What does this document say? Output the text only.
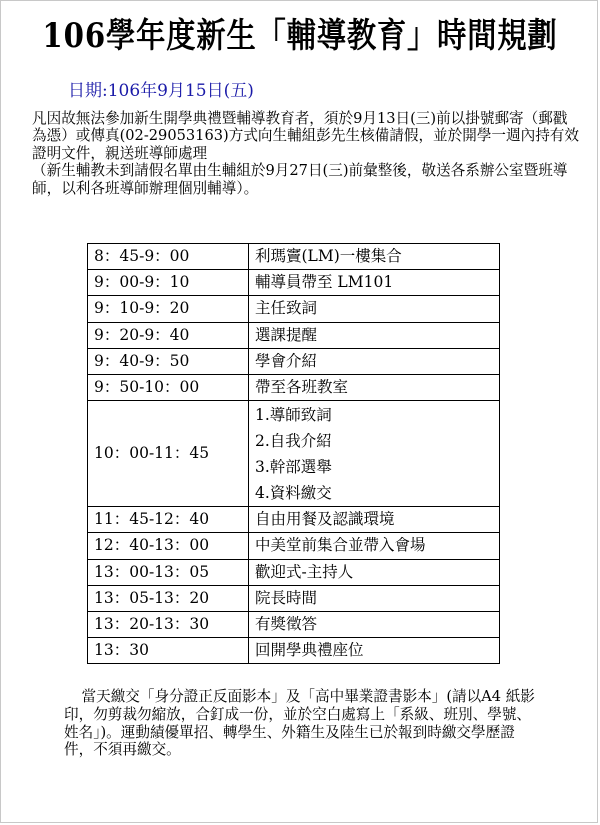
106學年度新生「輔導教育」時間規劃
日期:106年9月15日(五)

凡因故無法參加新生開學典禮暨輔導教育者，須於9月13日(三)前以掛號郵寄（郵戳為憑）或傳真(02-29053163)方式向生輔組彭先生核備請假，並於開學一週內持有效證明文件，親送班導師處理

（新生輔教未到請假名單由生輔組於9月27日(三)前彙整後，敬送各系辦公室暨班導師，以利各班導師辦理個別輔導）。

8：45-9：00	利瑪竇(LM)一樓集合
9：00-9：10	輔導員帶至 LM101
9：10-9：20	主任致詞
9：20-9：40	選課提醒
9：40-9：50	學會介紹
9：50-10：00	帶至各班教室
10：00-11：45	1.導師致詞
2.自我介紹
3.幹部選舉
4.資料繳交

11：45-12：40	自由用餐及認識環境
12：40-13：00	中美堂前集合並帶入會場
13：00-13：05	歡迎式-主持人
13：05-13：20	院長時間
13：20-13：30	有獎徵答
13：30	回開學典禮座位

當天繳交「身分證正反面影本」及「高中畢業證書影本」(請以A4 紙影印，勿剪裁勿縮放，合釘成一份，並於空白處寫上「系級、班別、學號、姓名」)。運動績優單招、轉學生、外籍生及陸生已於報到時繳交學歷證件，不須再繳交。
